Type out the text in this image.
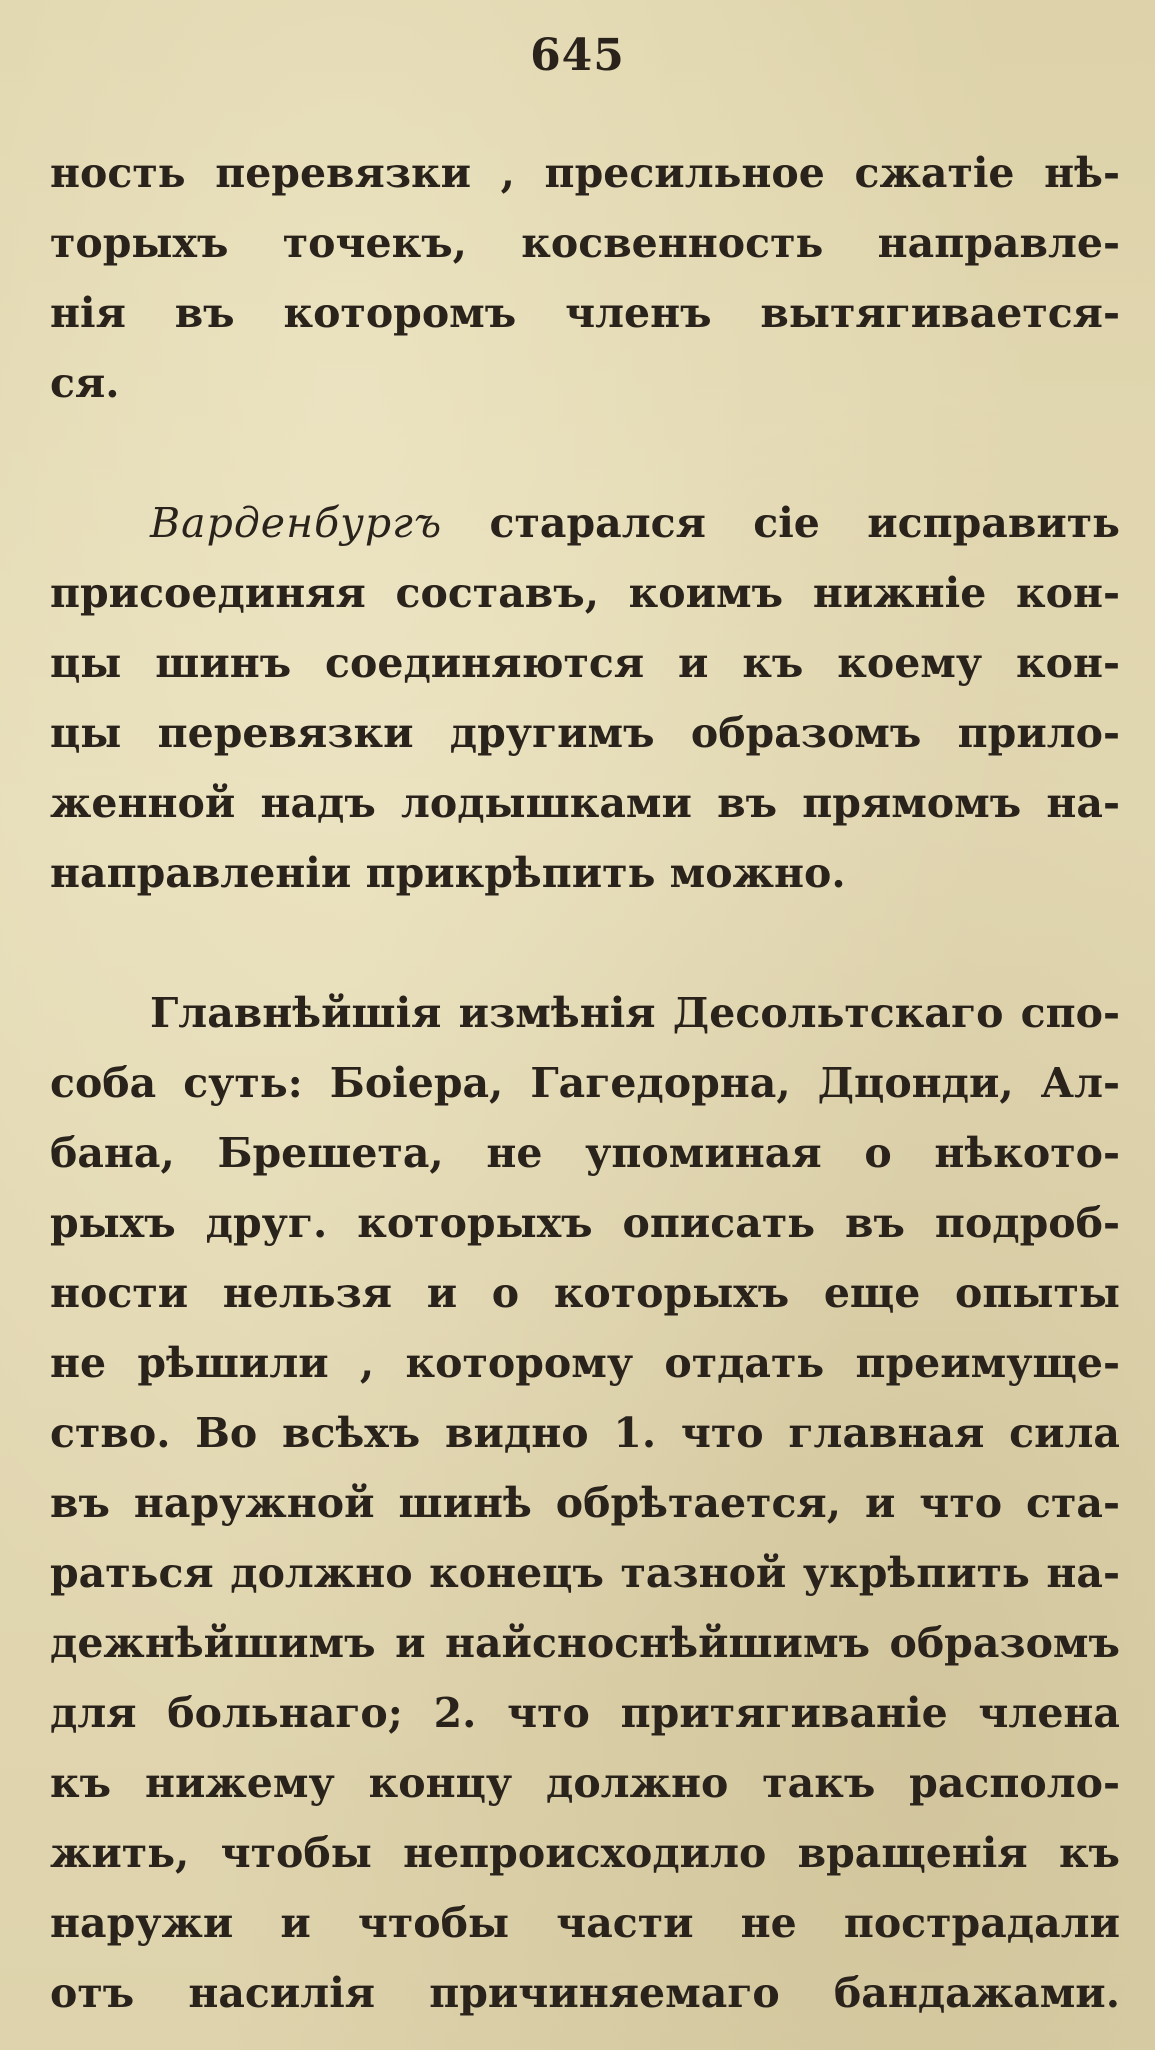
645

ность перевязки , пресильное сжатіе нѣ-
торыхъ точекъ, косвенность направле-
нія въ которомъ членъ вытягивается-
ся.

Варденбургъ старался сіе исправить
присоединяя составъ, коимъ нижніе кон-
цы шинъ соединяются и къ коему кон-
цы перевязки другимъ образомъ прило-
женной надъ лодышками въ прямомъ на-
направленіи прикрѣпить можно.

Главнѣйшія измѣнія Десольтскаго спо-
соба суть: Боіера, Гагедорна, Дцонди, Ал-
бана, Брешета, не упоминая о нѣкото-
рыхъ друг. которыхъ описать въ подроб-
ности нельзя и о которыхъ еще опыты
не рѣшили , которому отдать преимуще-
ство. Во всѣхъ видно 1. что главная сила
въ наружной шинѣ обрѣтается, и что ста-
раться должно конецъ тазной укрѣпить на-
дежнѣйшимъ и найсноснѣйшимъ образомъ
для больнаго; 2. что притягиваніе члена
къ нижему концу должно такъ располо-
жить, чтобы непроисходило вращенія къ
наружи и чтобы части не пострадали
отъ насилія причиняемаго бандажами.
